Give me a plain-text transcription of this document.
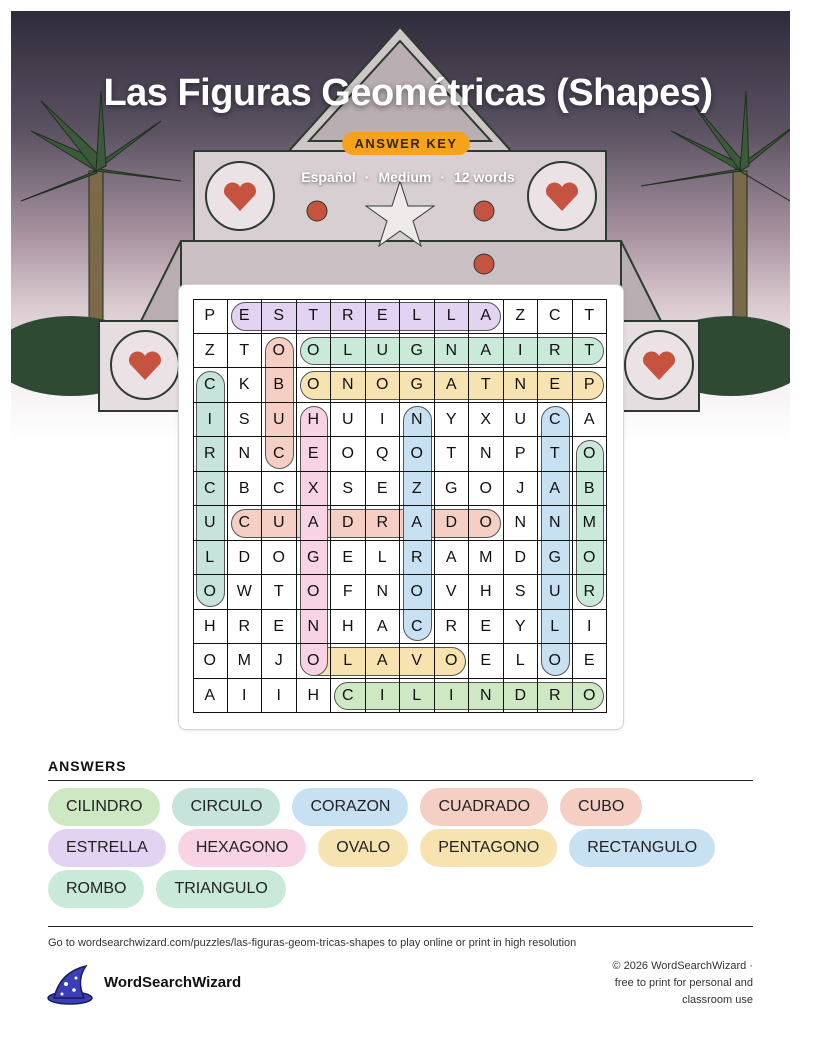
Las Figuras Geométricas (Shapes)
ANSWER KEY
Español · Medium · 12 words
P	E	S	T	R	E	L	L	A	Z	C	T
Z	T	O	O	L	U	G	N	A	I	R	T
C	K	B	O	N	O	G	A	T	N	E	P
I	S	U	H	U	I	N	Y	X	U	C	A
R	N	C	E	O	Q	O	T	N	P	T	O
C	B	C	X	S	E	Z	G	O	J	A	B
U	C	U	A	D	R	A	D	O	N	N	M
L	D	O	G	E	L	R	A	M	D	G	O
O	W	T	O	F	N	O	V	H	S	U	R
H	R	E	N	H	A	C	R	E	Y	L	I
O	M	J	O	L	A	V	O	E	L	O	E
A	I	I	H	C	I	L	I	N	D	R	O
ANSWERS
CILINDRO	CIRCULO	CORAZON	CUADRADO	CUBO
ESTRELLA	HEXAGONO	OVALO	PENTAGONO	RECTANGULO
ROMBO	TRIANGULO
Go to wordsearchwizard.com/puzzles/las-figuras-geom-tricas-shapes to play online or print in high resolution
WordSearchWizard
© 2026 WordSearchWizard ·
free to print for personal and
classroom use
